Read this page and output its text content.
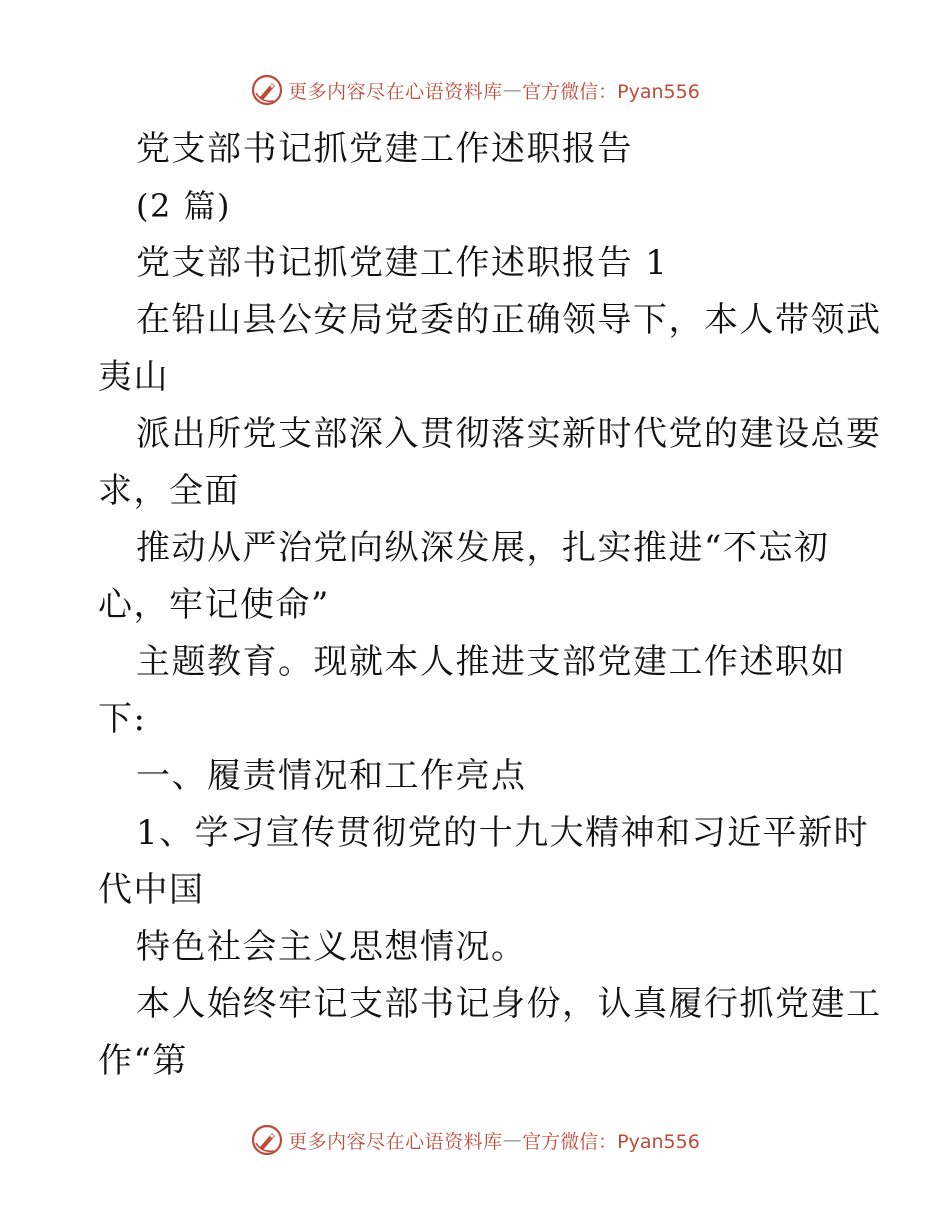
更多内容尽在心语资料库 — 官方微信：Pyan556
党支部书记抓党建工作述职报告
(2 篇)
党支部书记抓党建工作述职报告 1
在铅山县公安局党委的正确领导下，本人带领武
夷山
派出所党支部深入贯彻落实新时代党的建设总要
求，全面
推动从严治党向纵深发展，扎实推进“不忘初
心，牢记使命”
主题教育。现就本人推进支部党建工作述职如
下:
一、履责情况和工作亮点
1、学习宣传贯彻党的十九大精神和习近平新时
代中国
特色社会主义思想情况。
本人始终牢记支部书记身份，认真履行抓党建工
作“第
更多内容尽在心语资料库 — 官方微信：Pyan556
